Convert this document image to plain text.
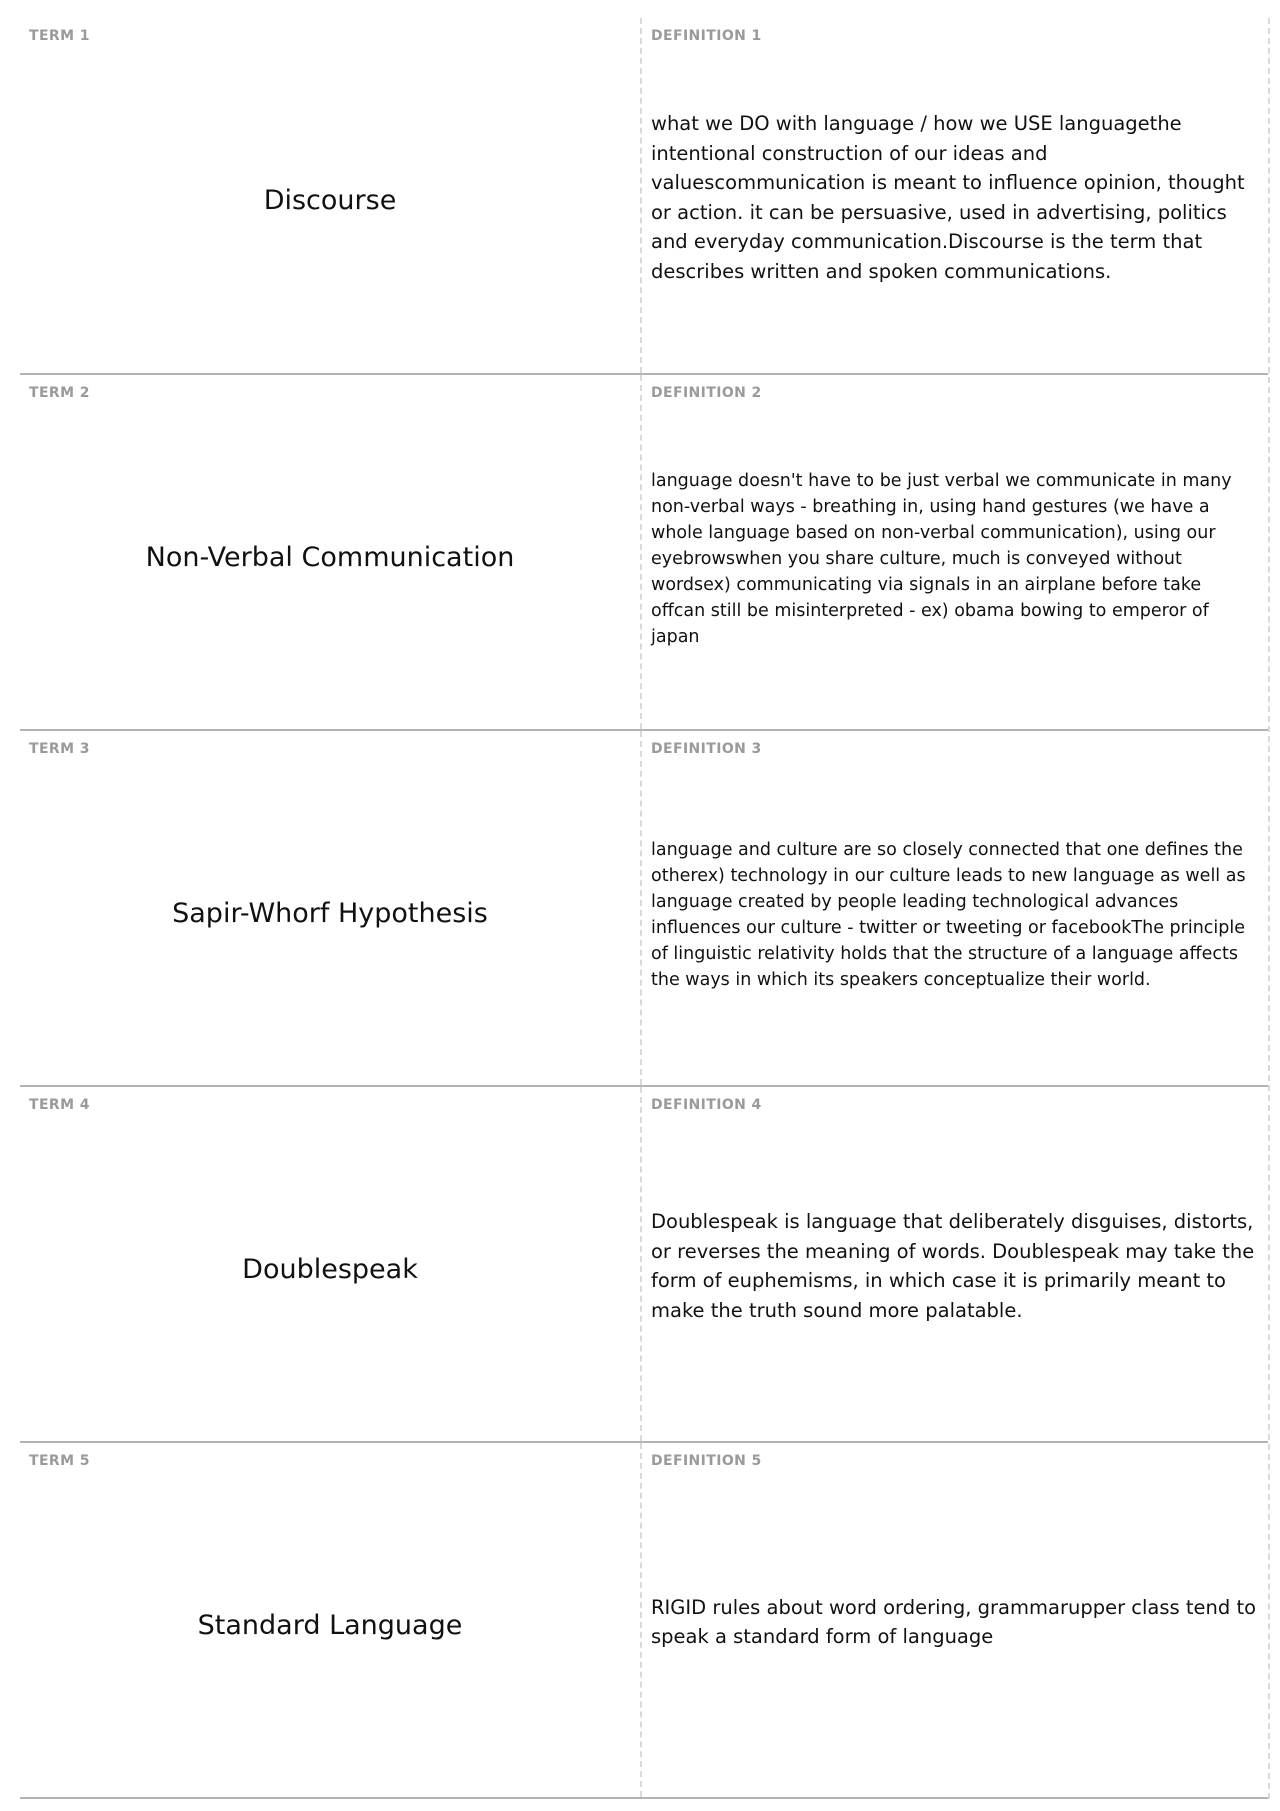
TERM 1
Discourse
DEFINITION 1
what we DO with language / how we USE languagethe intentional construction of our ideas and valuescommunication is meant to influence opinion, thought or action. it can be persuasive, used in advertising, politics and everyday communication.Discourse is the term that describes written and spoken communications.
TERM 2
Non-Verbal Communication
DEFINITION 2
language doesn't have to be just verbal we communicate in many non-verbal ways - breathing in, using hand gestures (we have a whole language based on non-verbal communication), using our eyebrowswhen you share culture, much is conveyed without wordsex) communicating via signals in an airplane before take offcan still be misinterpreted - ex) obama bowing to emperor of japan
TERM 3
Sapir-Whorf Hypothesis
DEFINITION 3
language and culture are so closely connected that one defines the otherex) technology in our culture leads to new language as well as language created by people leading technological advances influences our culture - twitter or tweeting or facebookThe principle of linguistic relativity holds that the structure of a language affects the ways in which its speakers conceptualize their world.
TERM 4
Doublespeak
DEFINITION 4
Doublespeak is language that deliberately disguises, distorts, or reverses the meaning of words. Doublespeak may take the form of euphemisms, in which case it is primarily meant to make the truth sound more palatable.
TERM 5
Standard Language
DEFINITION 5
RIGID rules about word ordering, grammarupper class tend to speak a standard form of language
